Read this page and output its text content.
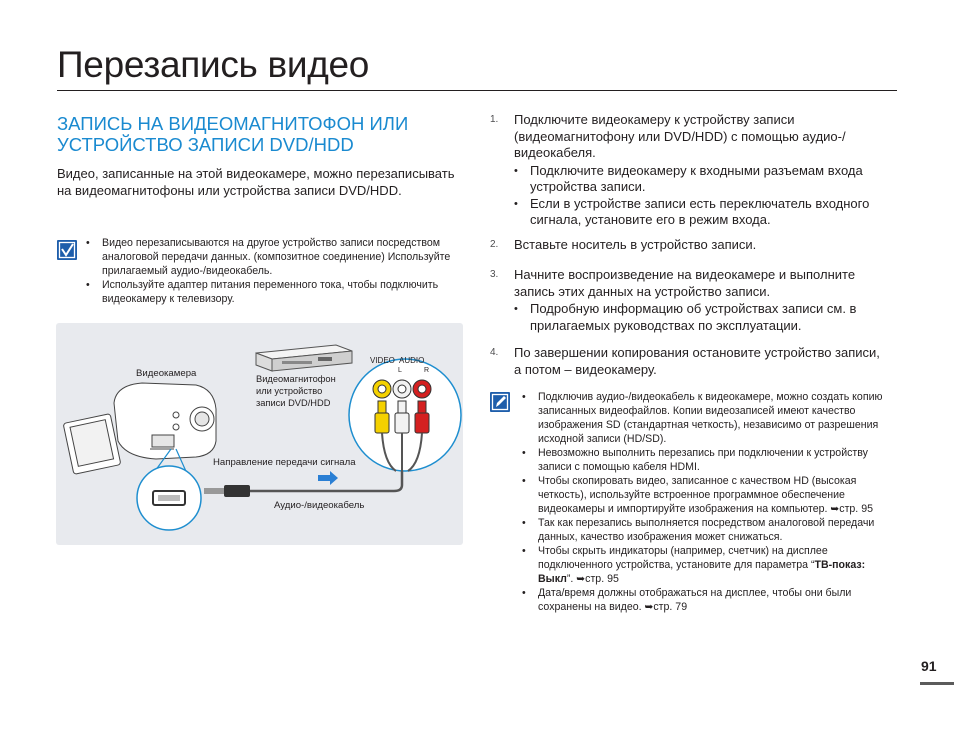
Перезапись видео
ЗАПИСЬ НА ВИДЕОМАГНИТОФОН ИЛИ УСТРОЙСТВО ЗАПИСИ DVD/HDD
Видео, записанные на этой видеокамере, можно перезаписывать на видеомагнитофоны или устройства записи DVD/HDD.
• Видео перезаписываются на другое устройство записи посредством аналоговой передачи данных. (композитное соединение) Используйте прилагаемый аудио-/видеокабель.
• Используйте адаптер питания переменного тока, чтобы подключить видеокамеру к телевизору.
Видеокамера	Видеомагнитофон
или устройство
записи DVD/HDD
VIDEO AUDIO
L	R
Направление передачи сигнала
Аудио-/видеокабель
1. Подключите видеокамеру к устройству записи (видеомагнитофону или DVD/HDD) с помощью аудио-/видеокабеля.
• Подключите видеокамеру к входными разъемам входа устройства записи.
• Если в устройстве записи есть переключатель входного сигнала, установите его в режим входа.
2. Вставьте носитель в устройство записи.
3. Начните воспроизведение на видеокамере и выполните запись этих данных на устройство записи.
• Подробную информацию об устройствах записи см. в прилагаемых руководствах по эксплуатации.
4. По завершении копирования остановите устройство записи, а потом – видеокамеру.
• Подключив аудио-/видеокабель к видеокамере, можно создать копию записанных видеофайлов. Копии видеозаписей имеют качество изображения SD (стандартная четкость), независимо от разрешения исходной записи (HD/SD).
• Невозможно выполнить перезапись при подключении к устройству записи с помощью кабеля HDMI.
• Чтобы скопировать видео, записанное с качеством HD (высокая четкость), используйте встроенное программное обеспечение видеокамеры и импортируйте изображения на компьютер. ➥стр. 95
• Так как перезапись выполняется посредством аналоговой передачи данных, качество изображения может снижаться.
• Чтобы скрыть индикаторы (например, счетчик) на дисплее подключенного устройства, установите для параметра “ТВ-показ: Выкл”. ➥стр. 95
• Дата/время должны отображаться на дисплее, чтобы они были сохранены на видео. ➥стр. 79
91
